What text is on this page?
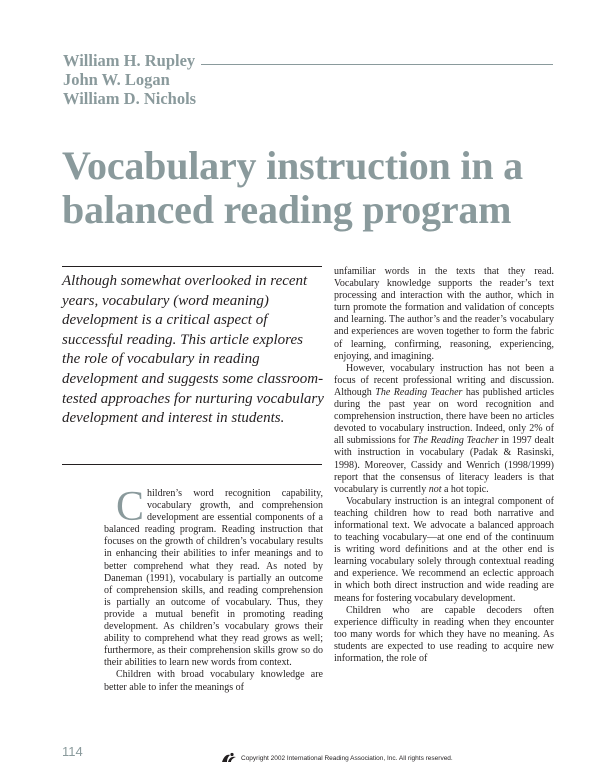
William H. Rupley
John W. Logan
William D. Nichols
Vocabulary instruction in a
balanced reading program
Although somewhat overlooked in recent years, vocabulary (word meaning) development is a critical aspect of successful reading. This article explores the role of vocabulary in reading development and suggests some classroom-tested approaches for nurturing vocabulary development and interest in students.

Children’s word recognition capability, vocabulary growth, and comprehension development are essential components of a balanced reading program. Reading instruction that focuses on the growth of children’s vocabulary results in enhancing their abilities to infer meanings and to better comprehend what they read. As noted by Daneman (1991), vocabulary is partially an outcome of comprehension skills, and reading comprehension is partially an outcome of vocabulary. Thus, they provide a mutual benefit in promoting reading development. As children’s vocabulary grows their ability to comprehend what they read grows as well; furthermore, as their comprehension skills grow so do their abilities to learn new words from context.

Children with broad vocabulary knowledge are better able to infer the meanings of

unfamiliar words in the texts that they read. Vocabulary knowledge supports the reader’s text processing and interaction with the author, which in turn promote the formation and validation of concepts and learning. The author’s and the reader’s vocabulary and experiences are woven together to form the fabric of learning, confirming, reasoning, experiencing, enjoying, and imagining.

However, vocabulary instruction has not been a focus of recent professional writing and discussion. Although The Reading Teacher has published articles during the past year on word recognition and comprehension instruction, there have been no articles devoted to vocabulary instruction. Indeed, only 2% of all submissions for The Reading Teacher in 1997 dealt with instruction in vocabulary (Padak & Rasinski, 1998). Moreover, Cassidy and Wenrich (1998/1999) report that the consensus of literacy leaders is that vocabulary is currently not a hot topic.

Vocabulary instruction is an integral component of teaching children how to read both narrative and informational text. We advocate a balanced approach to teaching vocabulary—at one end of the continuum is writing word definitions and at the other end is learning vocabulary solely through contextual reading and experience. We recommend an eclectic approach in which both direct instruction and wide reading are means for fostering vocabulary development.

Children who are capable decoders often experience difficulty in reading when they encounter too many words for which they have no meaning. As students are expected to use reading to acquire new information, the role of

114	Copyright 2002 International Reading Association, Inc. All rights reserved.
